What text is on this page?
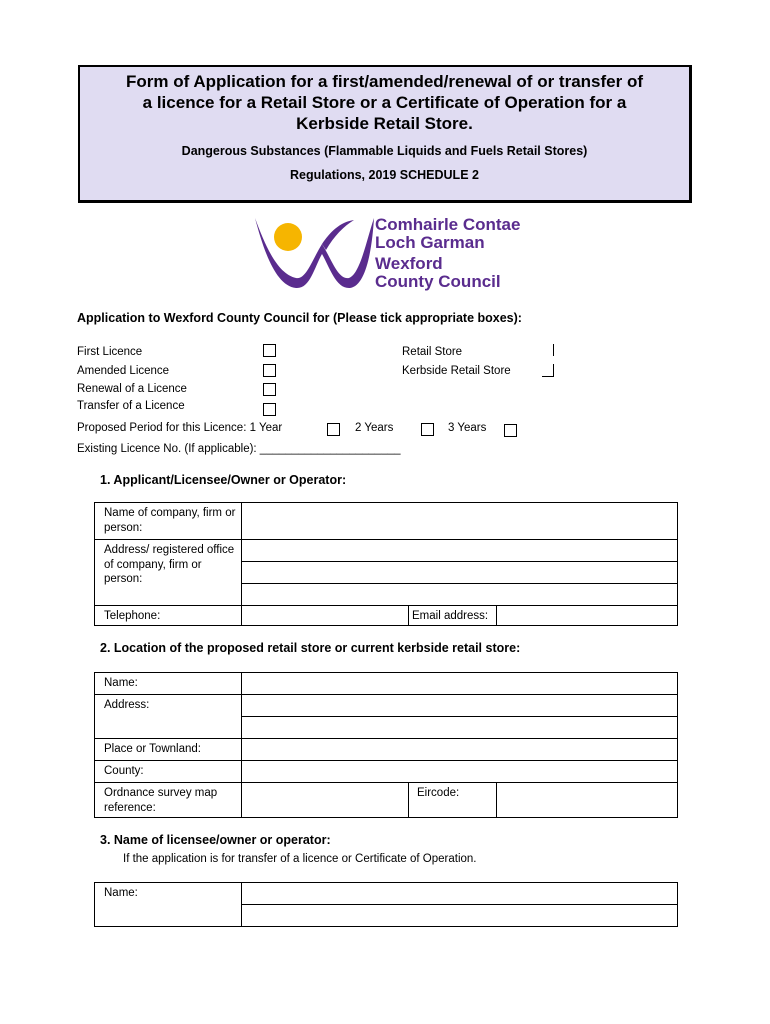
Form of Application for a first/amended/renewal of or transfer of
a licence for a Retail Store or a Certificate of Operation for a
Kerbside Retail Store.
Dangerous Substances (Flammable Liquids and Fuels Retail Stores)
Regulations, 2019 SCHEDULE 2
Comhairle Contae
Loch Garman
Wexford
County Council
Application to Wexford County Council for (Please tick appropriate boxes):
First Licence
Amended Licence
Renewal of a Licence
Transfer of a Licence
Retail Store
Kerbside Retail Store
Proposed Period for this Licence: 1 Year	2 Years	3 Years
Existing Licence No. (If applicable): ______________________
1. Applicant/Licensee/Owner or Operator:
Name of company, firm or person:			
Address/ registered office of company, firm or person:			

Telephone:		Email address:	
2. Location of the proposed retail store or current kerbside retail store:
Name:			
Address:			

Place or Townland:			
County:			
Ordnance survey map reference:		Eircode:	
3. Name of licensee/owner or operator:
If the application is for transfer of a licence or Certificate of Operation.
Name:	
